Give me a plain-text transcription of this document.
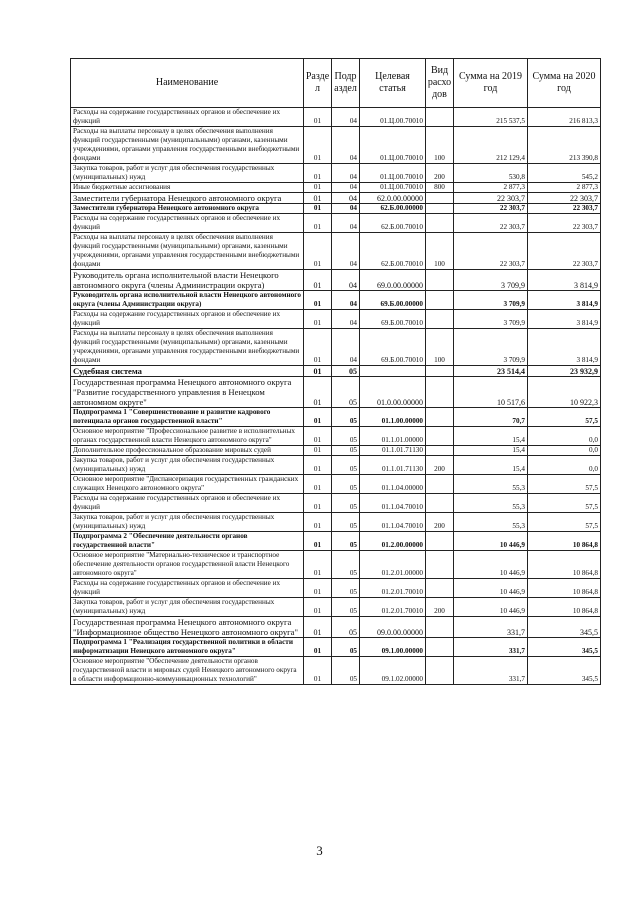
Наименование	Разде л	Подр аздел	Целевая статья	Вид расхо дов	Сумма на 2019 год	Сумма на 2020 год
Расходы на содержание государственных органов и обеспечение их функций	01	04	01.Ц.00.70010		215 537,5	216 813,3
Расходы на выплаты персоналу в целях обеспечения выполнения функций государственными (муниципальными) органами, казенными учреждениями, органами управления государственными внебюджетными фондами	01	04	01.Ц.00.70010	100	212 129,4	213 390,8
Закупка товаров, работ и услуг для обеспечения государственных (муниципальных) нужд	01	04	01.Ц.00.70010	200	530,8	545,2
Иные бюджетные ассигнования	01	04	01.Ц.00.70010	800	2 877,3	2 877,3
Заместители губернатора Ненецкого автономного округа	01	04	62.0.00.00000		22 303,7	22 303,7
Заместители губернатора Ненецкого автономного округа	01	04	62.Б.00.00000		22 303,7	22 303,7
Расходы на содержание государственных органов и обеспечение их функций	01	04	62.Б.00.70010		22 303,7	22 303,7
Расходы на выплаты персоналу в целях обеспечения выполнения функций государственными (муниципальными) органами, казенными учреждениями, органами управления государственными внебюджетными фондами	01	04	62.Б.00.70010	100	22 303,7	22 303,7
Руководитель органа исполнительной власти Ненецкого автономного округа (члены Администрации округа)	01	04	69.0.00.00000		3 709,9	3 814,9
Руководитель органа исполнительной власти Ненецкого автономного округа (члены Администрации округа)	01	04	69.Б.00.00000		3 709,9	3 814,9
Расходы на содержание государственных органов и обеспечение их функций	01	04	69.Б.00.70010		3 709,9	3 814,9
Расходы на выплаты персоналу в целях обеспечения выполнения функций государственными (муниципальными) органами, казенными учреждениями, органами управления государственными внебюджетными фондами	01	04	69.Б.00.70010	100	3 709,9	3 814,9
Судебная система	01	05			23 514,4	23 932,9
Государственная программа Ненецкого автономного округа "Развитие государственного управления в Ненецком автономном округе"	01	05	01.0.00.00000		10 517,6	10 922,3
Подпрограмма 1 "Совершенствование и развитие кадрового потенциала органов государственной власти"	01	05	01.1.00.00000		70,7	57,5
Основное мероприятие "Профессиональное развитие в исполнительных органах государственной власти Ненецкого автономного округа"	01	05	01.1.01.00000		15,4	0,0
Дополнительное профессиональное образование мировых судей	01	05	01.1.01.71130		15,4	0,0
Закупка товаров, работ и услуг для обеспечения государственных (муниципальных) нужд	01	05	01.1.01.71130	200	15,4	0,0
Основное мероприятие "Диспансеризация государственных гражданских служащих Ненецкого автономного округа"	01	05	01.1.04.00000		55,3	57,5
Расходы на содержание государственных органов и обеспечение их функций	01	05	01.1.04.70010		55,3	57,5
Закупка товаров, работ и услуг для обеспечения государственных (муниципальных) нужд	01	05	01.1.04.70010	200	55,3	57,5
Подпрограмма 2 "Обеспечение деятельности органов государственной власти"	01	05	01.2.00.00000		10 446,9	10 864,8
Основное мероприятие "Материально-техническое и транспортное обеспечение деятельности органов государственной власти Ненецкого автономного округа"	01	05	01.2.01.00000		10 446,9	10 864,8
Расходы на содержание государственных органов и обеспечение их функций	01	05	01.2.01.70010		10 446,9	10 864,8
Закупка товаров, работ и услуг для обеспечения государственных (муниципальных) нужд	01	05	01.2.01.70010	200	10 446,9	10 864,8
Государственная программа Ненецкого автономного округа "Информационное общество Ненецкого автономного округа"	01	05	09.0.00.00000		331,7	345,5
Подпрограмма 1 "Реализация государственной политики в области информатизации Ненецкого автономного округа"	01	05	09.1.00.00000		331,7	345,5
Основное мероприятие "Обеспечение деятельности органов государственной власти и мировых судей Ненецкого автономного округа в области информационно-коммуникационных технологий"	01	05	09.1.02.00000		331,7	345,5
3
